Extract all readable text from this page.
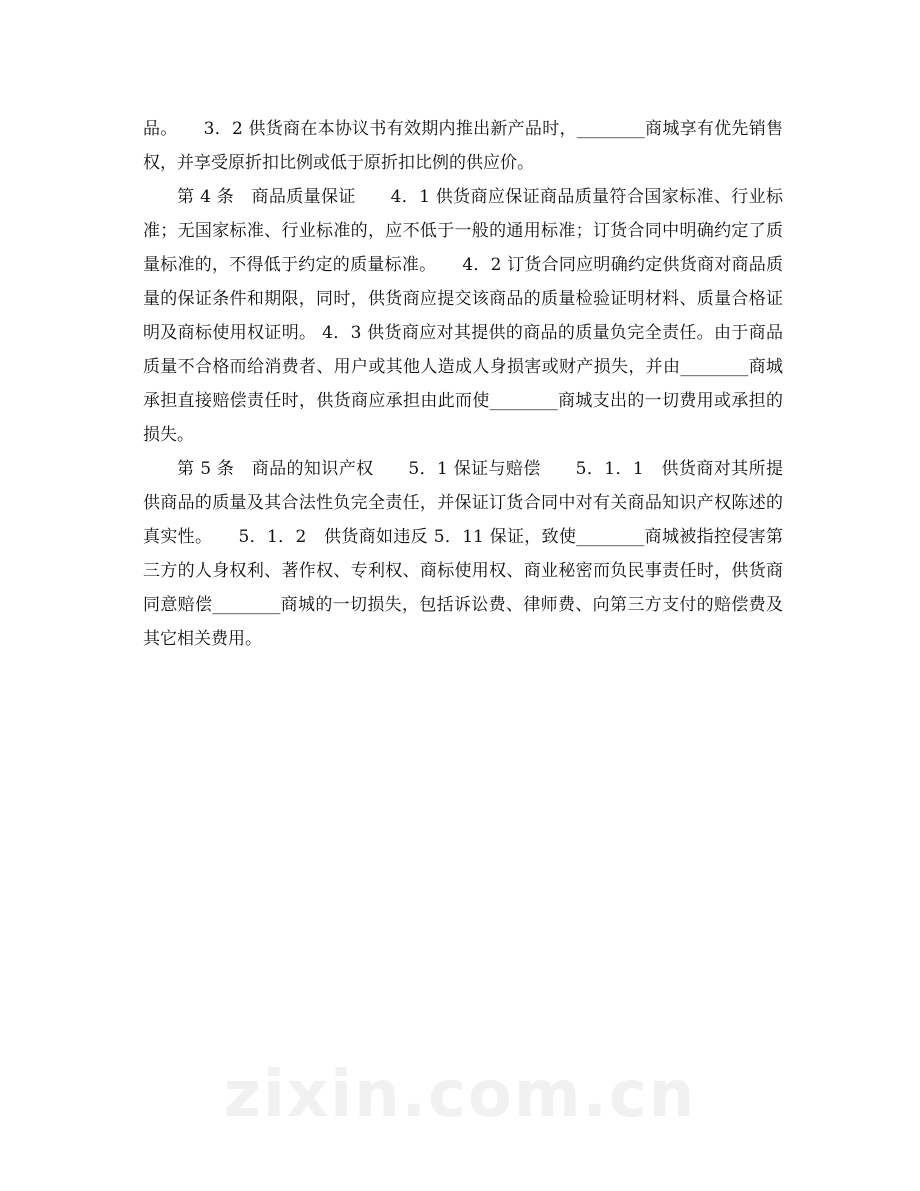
品。　　3．2 供货商在本协议书有效期内推出新产品时，________商城享有优先销售权，并享受原折扣比例或低于原折扣比例的供应价。

第 4 条　商品质量保证　　4．1 供货商应保证商品质量符合国家标准、行业标准；无国家标准、行业标准的，应不低于一般的通用标准；订货合同中明确约定了质量标准的，不得低于约定的质量标准。　　4．2 订货合同应明确约定供货商对商品质量的保证条件和期限，同时，供货商应提交该商品的质量检验证明材料、质量合格证明及商标使用权证明。 4．3 供货商应对其提供的商品的质量负完全责任。由于商品质量不合格而给消费者、用户或其他人造成人身损害或财产损失，并由________商城承担直接赔偿责任时，供货商应承担由此而使________商城支出的一切费用或承担的损失。

第 5 条　商品的知识产权　　5．1 保证与赔偿　　5．1．1　供货商对其所提供商品的质量及其合法性负完全责任，并保证订货合同中对有关商品知识产权陈述的真实性。　　5．1．2　供货商如违反 5．11 保证，致使________商城被指控侵害第三方的人身权利、著作权、专利权、商标使用权、商业秘密而负民事责任时，供货商同意赔偿________商城的一切损失，包括诉讼费、律师费、向第三方支付的赔偿费及其它相关费用。

zixin.com.cn
